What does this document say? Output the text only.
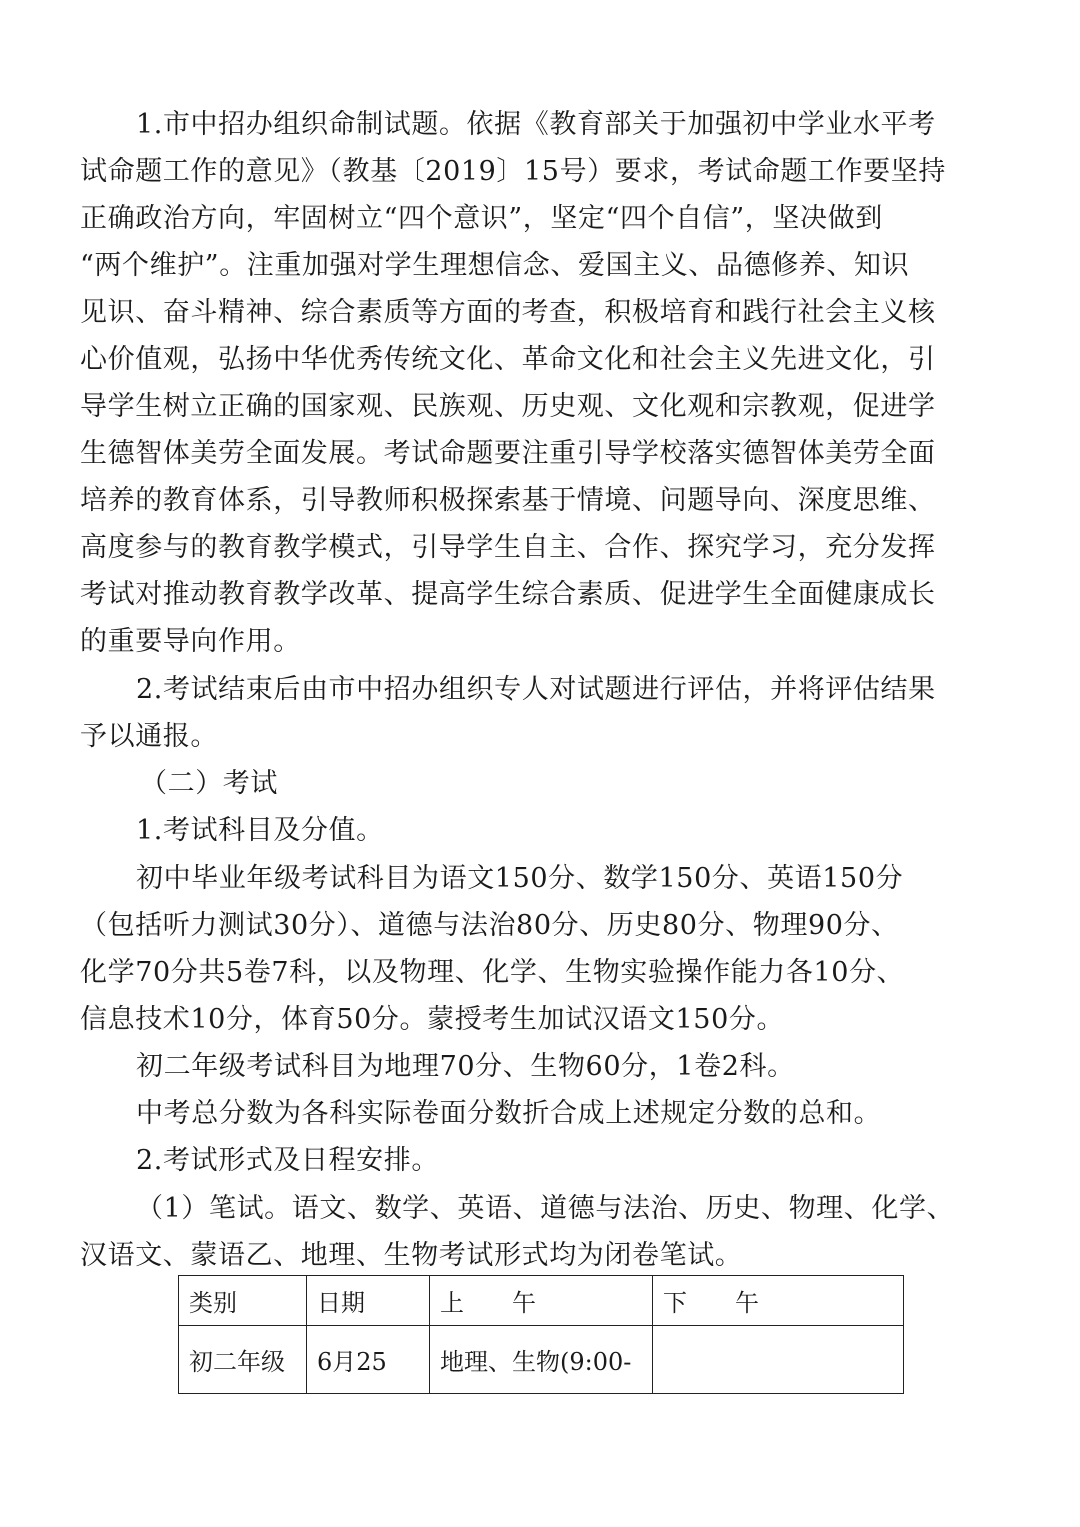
1.市中招办组织命制试题。依据《教育部关于加强初中学业水平考
试命题工作的意见》（教基〔2019〕15号）要求，考试命题工作要坚持
正确政治方向，牢固树立“四个意识”，坚定“四个自信”，坚决做到
“两个维护”。注重加强对学生理想信念、爱国主义、品德修养、知识
见识、奋斗精神、综合素质等方面的考查，积极培育和践行社会主义核
心价值观，弘扬中华优秀传统文化、革命文化和社会主义先进文化，引
导学生树立正确的国家观、民族观、历史观、文化观和宗教观，促进学
生德智体美劳全面发展。考试命题要注重引导学校落实德智体美劳全面
培养的教育体系，引导教师积极探索基于情境、问题导向、深度思维、
高度参与的教育教学模式，引导学生自主、合作、探究学习，充分发挥
考试对推动教育教学改革、提高学生综合素质、促进学生全面健康成长
的重要导向作用。
2.考试结束后由市中招办组织专人对试题进行评估，并将评估结果
予以通报。
（二）考试
1.考试科目及分值。
初中毕业年级考试科目为语文150分、数学150分、英语150分
（包括听力测试30分）、道德与法治80分、历史80分、物理90分、
化学70分共5卷7科，以及物理、化学、生物实验操作能力各10分、
信息技术10分，体育50分。蒙授考生加试汉语文150分。
初二年级考试科目为地理70分、生物60分，1卷2科。
中考总分数为各科实际卷面分数折合成上述规定分数的总和。
2.考试形式及日程安排。
（1）笔试。语文、数学、英语、道德与法治、历史、物理、化学、
汉语文、蒙语乙、地理、生物考试形式均为闭卷笔试。
类别	日期	上　　午	下　　午
初二年级	6月25	地理、生物(9:00-	
